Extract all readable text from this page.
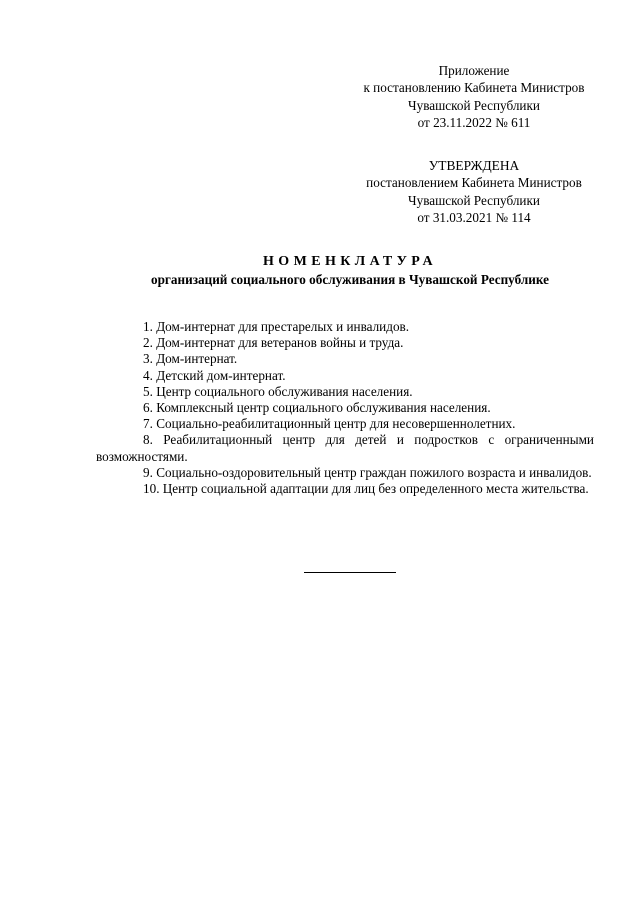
Приложение
к постановлению Кабинета Министров
Чувашской Республики
от 23.11.2022 № 611
УТВЕРЖДЕНА
постановлением Кабинета Министров
Чувашской Республики
от 31.03.2021 № 114
НОМЕНКЛАТУРА
организаций социального обслуживания в Чувашской Республике

1. Дом-интернат для престарелых и инвалидов.

2. Дом-интернат для ветеранов войны и труда.

3. Дом-интернат.

4. Детский дом-интернат.

5. Центр социального обслуживания населения.

6. Комплексный центр социального обслуживания населения.

7. Социально-реабилитационный центр для несовершеннолетних.

8. Реабилитационный центр для детей и подростков с ограниченными возможностями.

9. Социально-оздоровительный центр граждан пожилого возраста и инвалидов.

10. Центр социальной адаптации для лиц без определенного места жительства.
